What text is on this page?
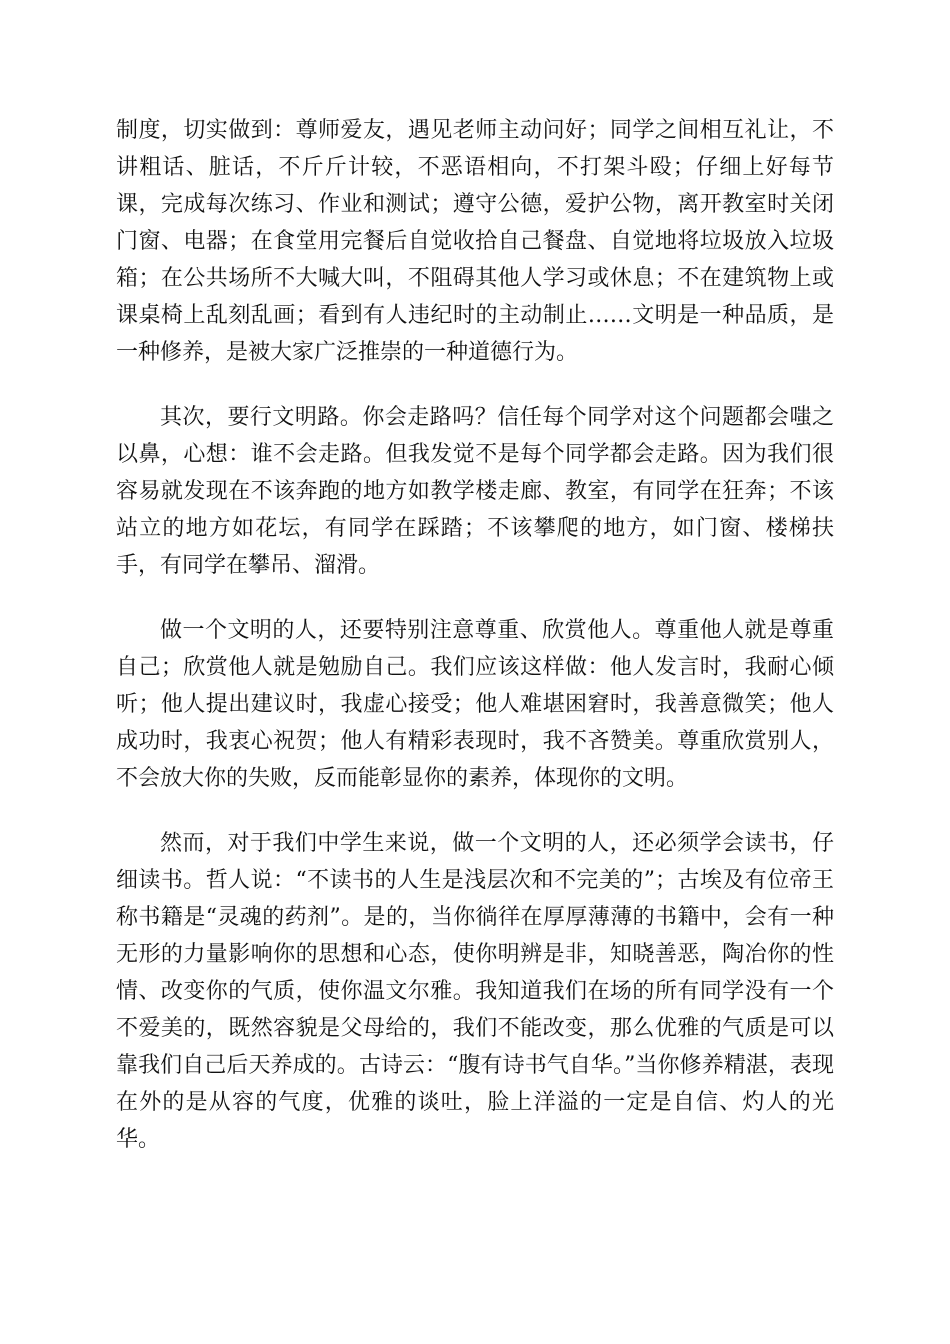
制度，切实做到：尊师爱友，遇见老师主动问好；同学之间相互礼让，不讲粗话、脏话，不斤斤计较，不恶语相向，不打架斗殴；仔细上好每节课，完成每次练习、作业和测试；遵守公德，爱护公物，离开教室时关闭门窗、电器；在食堂用完餐后自觉收拾自己餐盘、自觉地将垃圾放入垃圾箱；在公共场所不大喊大叫，不阻碍其他人学习或休息；不在建筑物上或课桌椅上乱刻乱画；看到有人违纪时的主动制止……文明是一种品质，是一种修养，是被大家广泛推崇的一种道德行为。

其次，要行文明路。你会走路吗？信任每个同学对这个问题都会嗤之以鼻，心想：谁不会走路。但我发觉不是每个同学都会走路。因为我们很容易就发现在不该奔跑的地方如教学楼走廊、教室，有同学在狂奔；不该站立的地方如花坛，有同学在踩踏；不该攀爬的地方，如门窗、楼梯扶手，有同学在攀吊、溜滑。

做一个文明的人，还要特别注意尊重、欣赏他人。尊重他人就是尊重自己；欣赏他人就是勉励自己。我们应该这样做：他人发言时，我耐心倾听；他人提出建议时，我虚心接受；他人难堪困窘时，我善意微笑；他人成功时，我衷心祝贺；他人有精彩表现时，我不吝赞美。尊重欣赏别人，不会放大你的失败，反而能彰显你的素养，体现你的文明。

然而，对于我们中学生来说，做一个文明的人，还必须学会读书，仔细读书。哲人说：“不读书的人生是浅层次和不完美的”；古埃及有位帝王称书籍是“灵魂的药剂”。是的，当你徜徉在厚厚薄薄的书籍中，会有一种无形的力量影响你的思想和心态，使你明辨是非，知晓善恶，陶冶你的性情、改变你的气质，使你温文尔雅。我知道我们在场的所有同学没有一个不爱美的，既然容貌是父母给的，我们不能改变，那么优雅的气质是可以靠我们自己后天养成的。古诗云：“腹有诗书气自华。”当你修养精湛，表现在外的是从容的气度，优雅的谈吐，脸上洋溢的一定是自信、灼人的光华。
